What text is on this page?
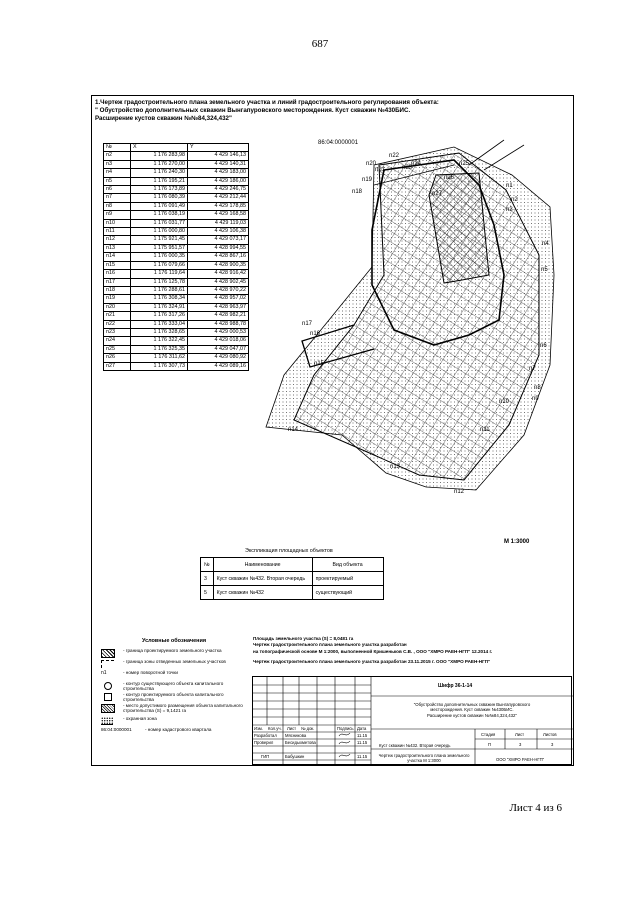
687
1.Чертеж градостроительного плана земельного участка и линий градостроительного регулирования объекта:
" Обустройство дополнительных скважин Вынгапуровского месторождения. Куст скважин №430БИС.
Расширение кустов скважин №№84,324,432"
№	X	Y
n2	1 176 283,98	4 429 146,13
n3	1 176 270,00	4 429 140,31
n4	1 176 240,30	4 429 183,00
n5	1 176 195,21	4 429 186,00
n6	1 176 173,89	4 429 246,75
n7	1 176 080,39	4 429 212,44
n8	1 176 091,49	4 429 178,85
n9	1 176 038,19	4 429 168,58
n10	1 176 031,77	4 429 119,03
n11	1 176 000,80	4 429 106,38
n12	1 175 921,45	4 429 073,17
n13	1 175 951,57	4 428 994,55
n14	1 176 000,35	4 428 867,16
n15	1 176 079,66	4 428 900,35
n16	1 176 119,64	4 428 916,42
n17	1 176 125,78	4 428 902,45
n18	1 176 288,61	4 428 970,22
n19	1 176 308,34	4 428 957,02
n20	1 176 324,91	4 428 963,97
n21	1 176 317,26	4 428 982,21
n22	1 176 333,04	4 428 988,78
n23	1 176 328,65	4 429 000,53
n24	1 176 322,45	4 429 018,06
n25	1 176 325,35	4 429 047,07
n26	1 176 311,62	4 429 080,92
n27	1 176 307,73	4 429 089,16
n20
n22
n24
n21	n23
n19
n18
n25
n26
n27
n1
n2
n3
n4
n5
n6
n7
n8
n9
n10
n11
n12
n13
n14
n15
n16
n17
86:04:0000001
М 1:3000
Экспликация площадных объектов
№	Наименование	Вид объекта
3	Куст скважин №432. Вторая очередь	проектируемый
5	Куст скважин №432	существующий
Условные обозначения
- граница проектируемого земельного участка
- граница зоны отведенных земельных участков
n1	- номер поворотной точки
- контур существующего объекта капитального строительства
- контур проектируемого объекта капитального строительства
- место допустимого размещения объекта капитального строительства (S) = 9,1421 га
- охранная зона
86:04:0000001	- номер кадастрового квартала
Площадь земельного участка (S) = 8,0481 га
Чертеж градостроительного плана земельного участка разработан
на топографической основе М 1:2000, выполненной Кришеньков С.В. , ООО "ХМРО РАЕН-НГП" 12.2014 г.
Чертеж градостроительного плана земельного участка разработан 23.11.2015 г. ООО "ХМРО РАЕН-НГП"
Шифр 36-1-14
"Обустройство дополнительных скважин Вынгапуровского
месторождения. Куст скважин №430БИС.
Расширение кустов скважин №№84,324,432"
Изм. Кол.уч. Лист № док.	Подпись Дата
Разработал Мясникова	11.15
Проверил	Бесидыхметова	11.15
ГИП	Бабушкин	11.15
Куст скважин №432. Вторая очередь
Стадия	Лист	Листов
П	3	3
Чертеж градостроительного плана земельного участка М 1:3000	ООО "ХМРО РАЕН-НГП"
Лист 4 из 6
